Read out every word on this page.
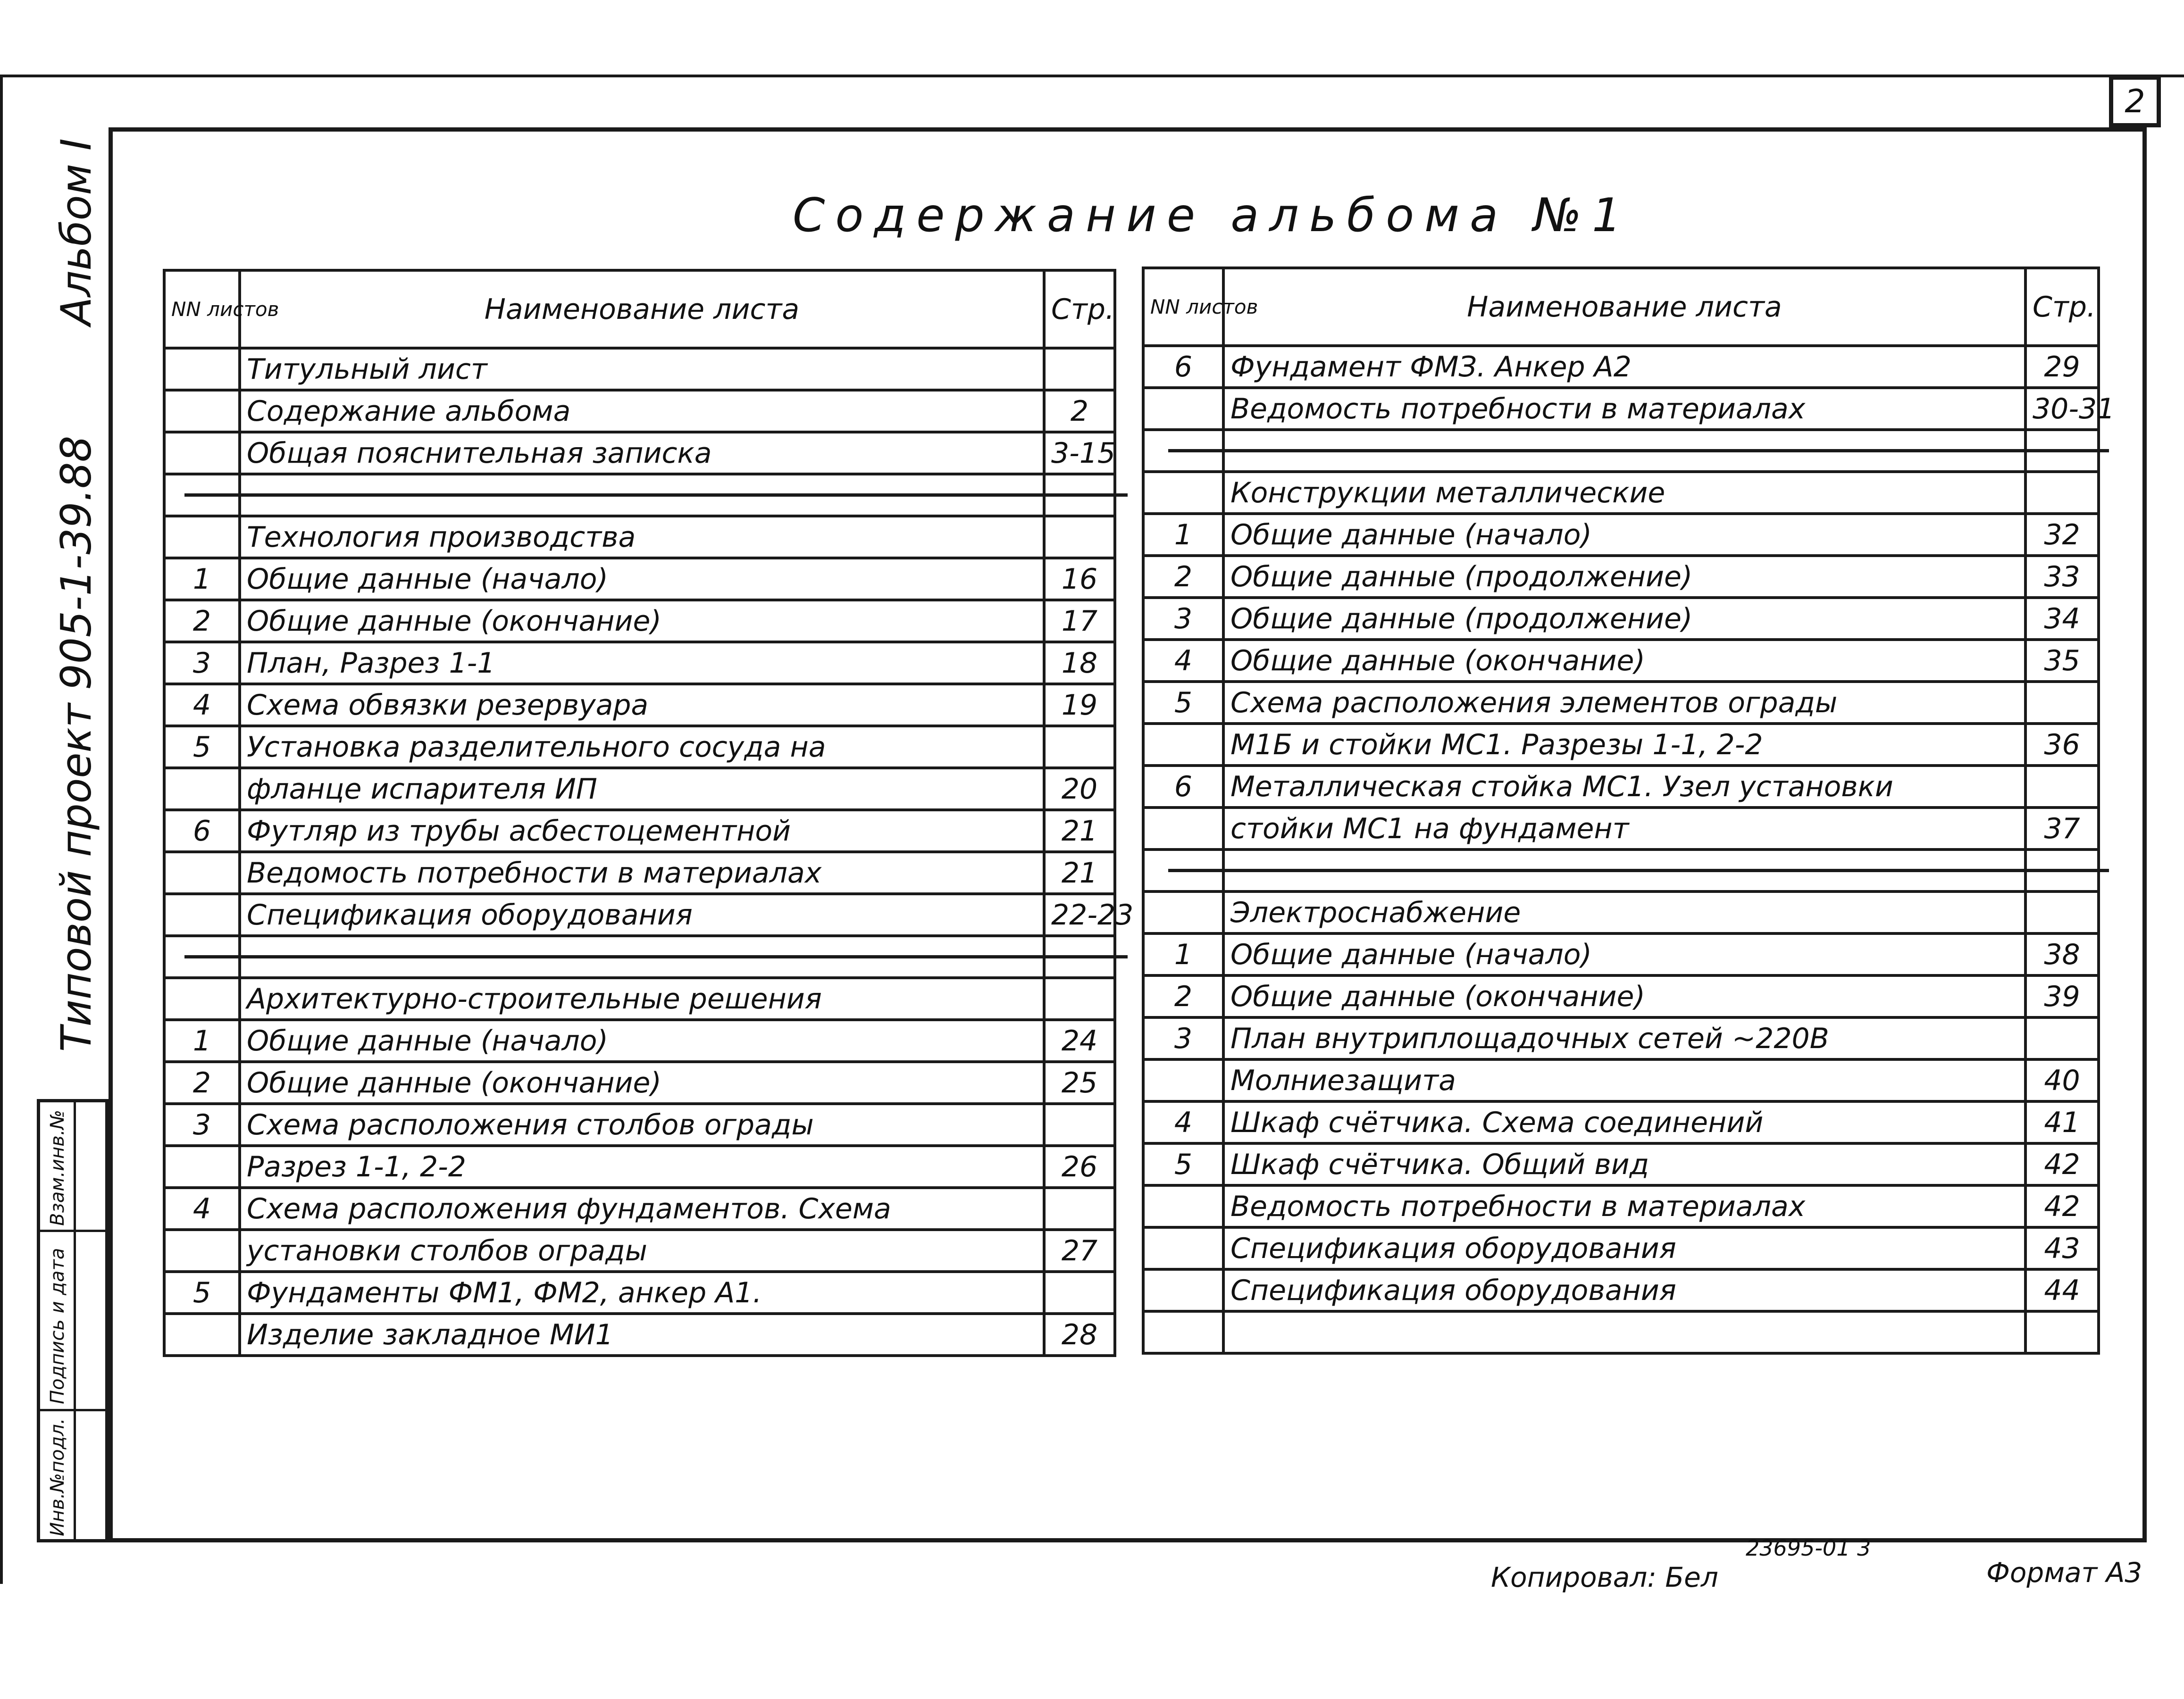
2
Содержание альбома №1
Альбом I
Типовой проект 905-1-39.88
Инв.№подл.
Подпись и дата
Взам.инв.№
NN листов	Наименование листа	Стр.
	Титульный лист	
	Содержание альбома	2
	Общая пояснительная записка	3-15

	Технология производства	
1	Общие данные (начало)	16
2	Общие данные (окончание)	17
3	План, Разрез 1-1	18
4	Схема обвязки резервуара	19
5	Установка разделительного сосуда на	
	фланце испарителя ИП	20
6	Футляр из трубы асбестоцементной	21
	Ведомость потребности в материалах	21
	Спецификация оборудования	22-23

	Архитектурно-строительные решения	
1	Общие данные (начало)	24
2	Общие данные (окончание)	25
3	Схема расположения столбов ограды	
	Разрез 1-1, 2-2	26
4	Схема расположения фундаментов. Схема	
	установки столбов ограды	27
5	Фундаменты ФМ1, ФМ2, анкер А1.	
	Изделие закладное МИ1	28
NN листов	Наименование листа	Стр.
6	Фундамент ФМЗ. Анкер А2	29
	Ведомость потребности в материалах	30-31

	Конструкции металлические	
1	Общие данные (начало)	32
2	Общие данные (продолжение)	33
3	Общие данные (продолжение)	34
4	Общие данные (окончание)	35
5	Схема расположения элементов ограды	
	М1Б и стойки МС1. Разрезы 1-1, 2-2	36
6	Металлическая стойка МС1. Узел установки	
	стойки МС1 на фундамент	37

	Электроснабжение	
1	Общие данные (начало)	38
2	Общие данные (окончание)	39
3	План внутриплощадочных сетей ~220В	
	Молниезащита	40
4	Шкаф счётчика. Схема соединений	41
5	Шкаф счётчика. Общий вид	42
	Ведомость потребности в материалах	42
	Спецификация оборудования	43
	Спецификация оборудования	44

Копировал: Бел
23695-01 3
Формат А3
